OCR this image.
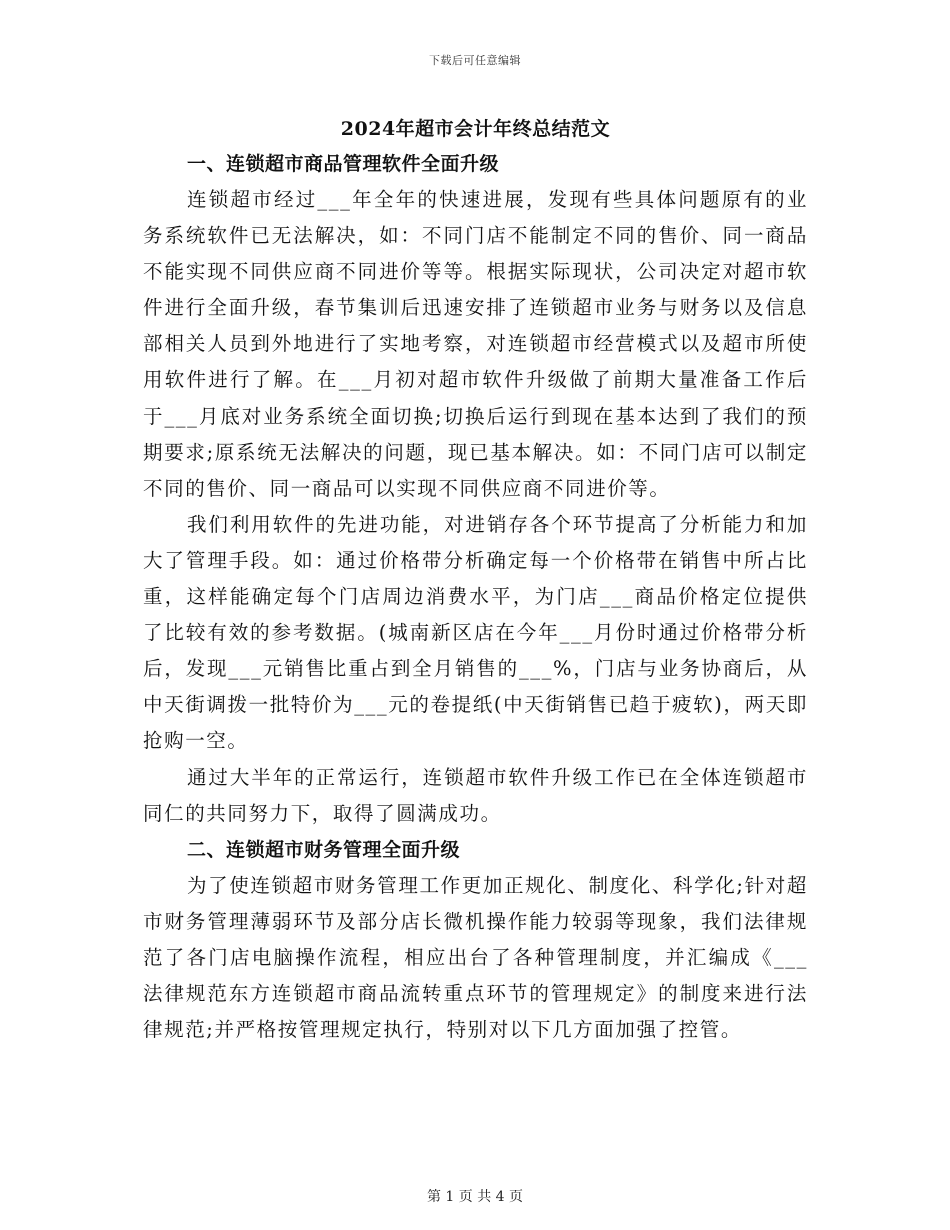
下载后可任意编辑
2024年超市会计年终总结范文
一、连锁超市商品管理软件全面升级

连锁超市经过___年全年的快速进展，发现有些具体问题原有的业务系统软件已无法解决，如：不同门店不能制定不同的售价、同一商品不能实现不同供应商不同进价等等。根据实际现状，公司决定对超市软件进行全面升级，春节集训后迅速安排了连锁超市业务与财务以及信息部相关人员到外地进行了实地考察，对连锁超市经营模式以及超市所使用软件进行了解。在___月初对超市软件升级做了前期大量准备工作后于___月底对业务系统全面切换;切换后运行到现在基本达到了我们的预期要求;原系统无法解决的问题，现已基本解决。如：不同门店可以制定不同的售价、同一商品可以实现不同供应商不同进价等。

我们利用软件的先进功能，对进销存各个环节提高了分析能力和加大了管理手段。如：通过价格带分析确定每一个价格带在销售中所占比重，这样能确定每个门店周边消费水平，为门店___商品价格定位提供了比较有效的参考数据。(城南新区店在今年___月份时通过价格带分析后，发现___元销售比重占到全月销售的___%，门店与业务协商后，从中天街调拨一批特价为___元的卷提纸(中天街销售已趋于疲软)，两天即抢购一空。

通过大半年的正常运行，连锁超市软件升级工作已在全体连锁超市同仁的共同努力下，取得了圆满成功。

二、连锁超市财务管理全面升级

为了使连锁超市财务管理工作更加正规化、制度化、科学化;针对超市财务管理薄弱环节及部分店长微机操作能力较弱等现象，我们法律规范了各门店电脑操作流程，相应出台了各种管理制度，并汇编成《___法律规范东方连锁超市商品流转重点环节的管理规定》的制度来进行法律规范;并严格按管理规定执行，特别对以下几方面加强了控管。

第 1 页 共 4 页
